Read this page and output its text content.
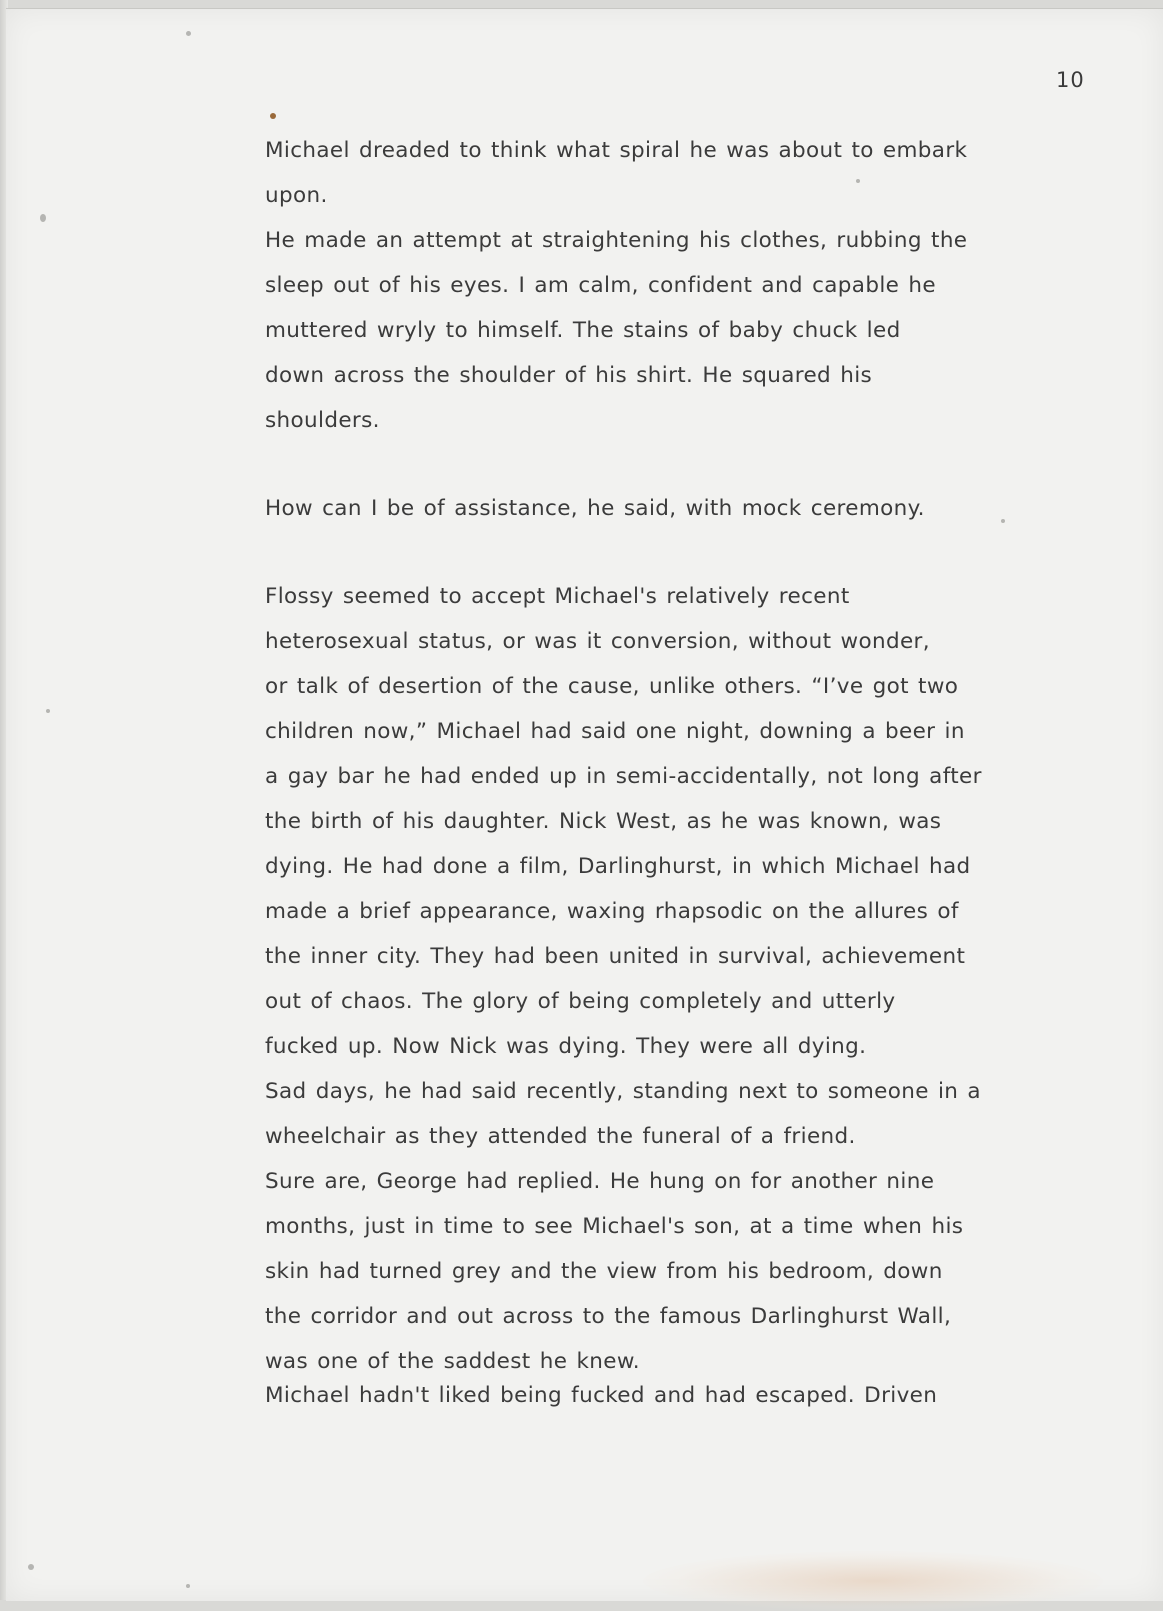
10
Michael dreaded to think what spiral he was about to embark
upon.
He made an attempt at straightening his clothes, rubbing the
sleep out of his eyes. I am calm, confident and capable he
muttered wryly to himself. The stains of baby chuck led
down across the shoulder of his shirt. He squared his
shoulders.
How can I be of assistance, he said, with mock ceremony.
Flossy seemed to accept Michael's relatively recent
heterosexual status, or was it conversion, without wonder,
or talk of desertion of the cause, unlike others. “I’ve got two
children now,” Michael had said one night, downing a beer in
a gay bar he had ended up in semi-accidentally, not long after
the birth of his daughter. Nick West, as he was known, was
dying. He had done a film, Darlinghurst, in which Michael had
made a brief appearance, waxing rhapsodic on the allures of
the inner city. They had been united in survival, achievement
out of chaos. The glory of being completely and utterly
fucked up. Now Nick was dying. They were all dying.
Sad days, he had said recently, standing next to someone in a
wheelchair as they attended the funeral of a friend.
Sure are, George had replied. He hung on for another nine
months, just in time to see Michael's son, at a time when his
skin had turned grey and the view from his bedroom, down
the corridor and out across to the famous Darlinghurst Wall,
was one of the saddest he knew.
